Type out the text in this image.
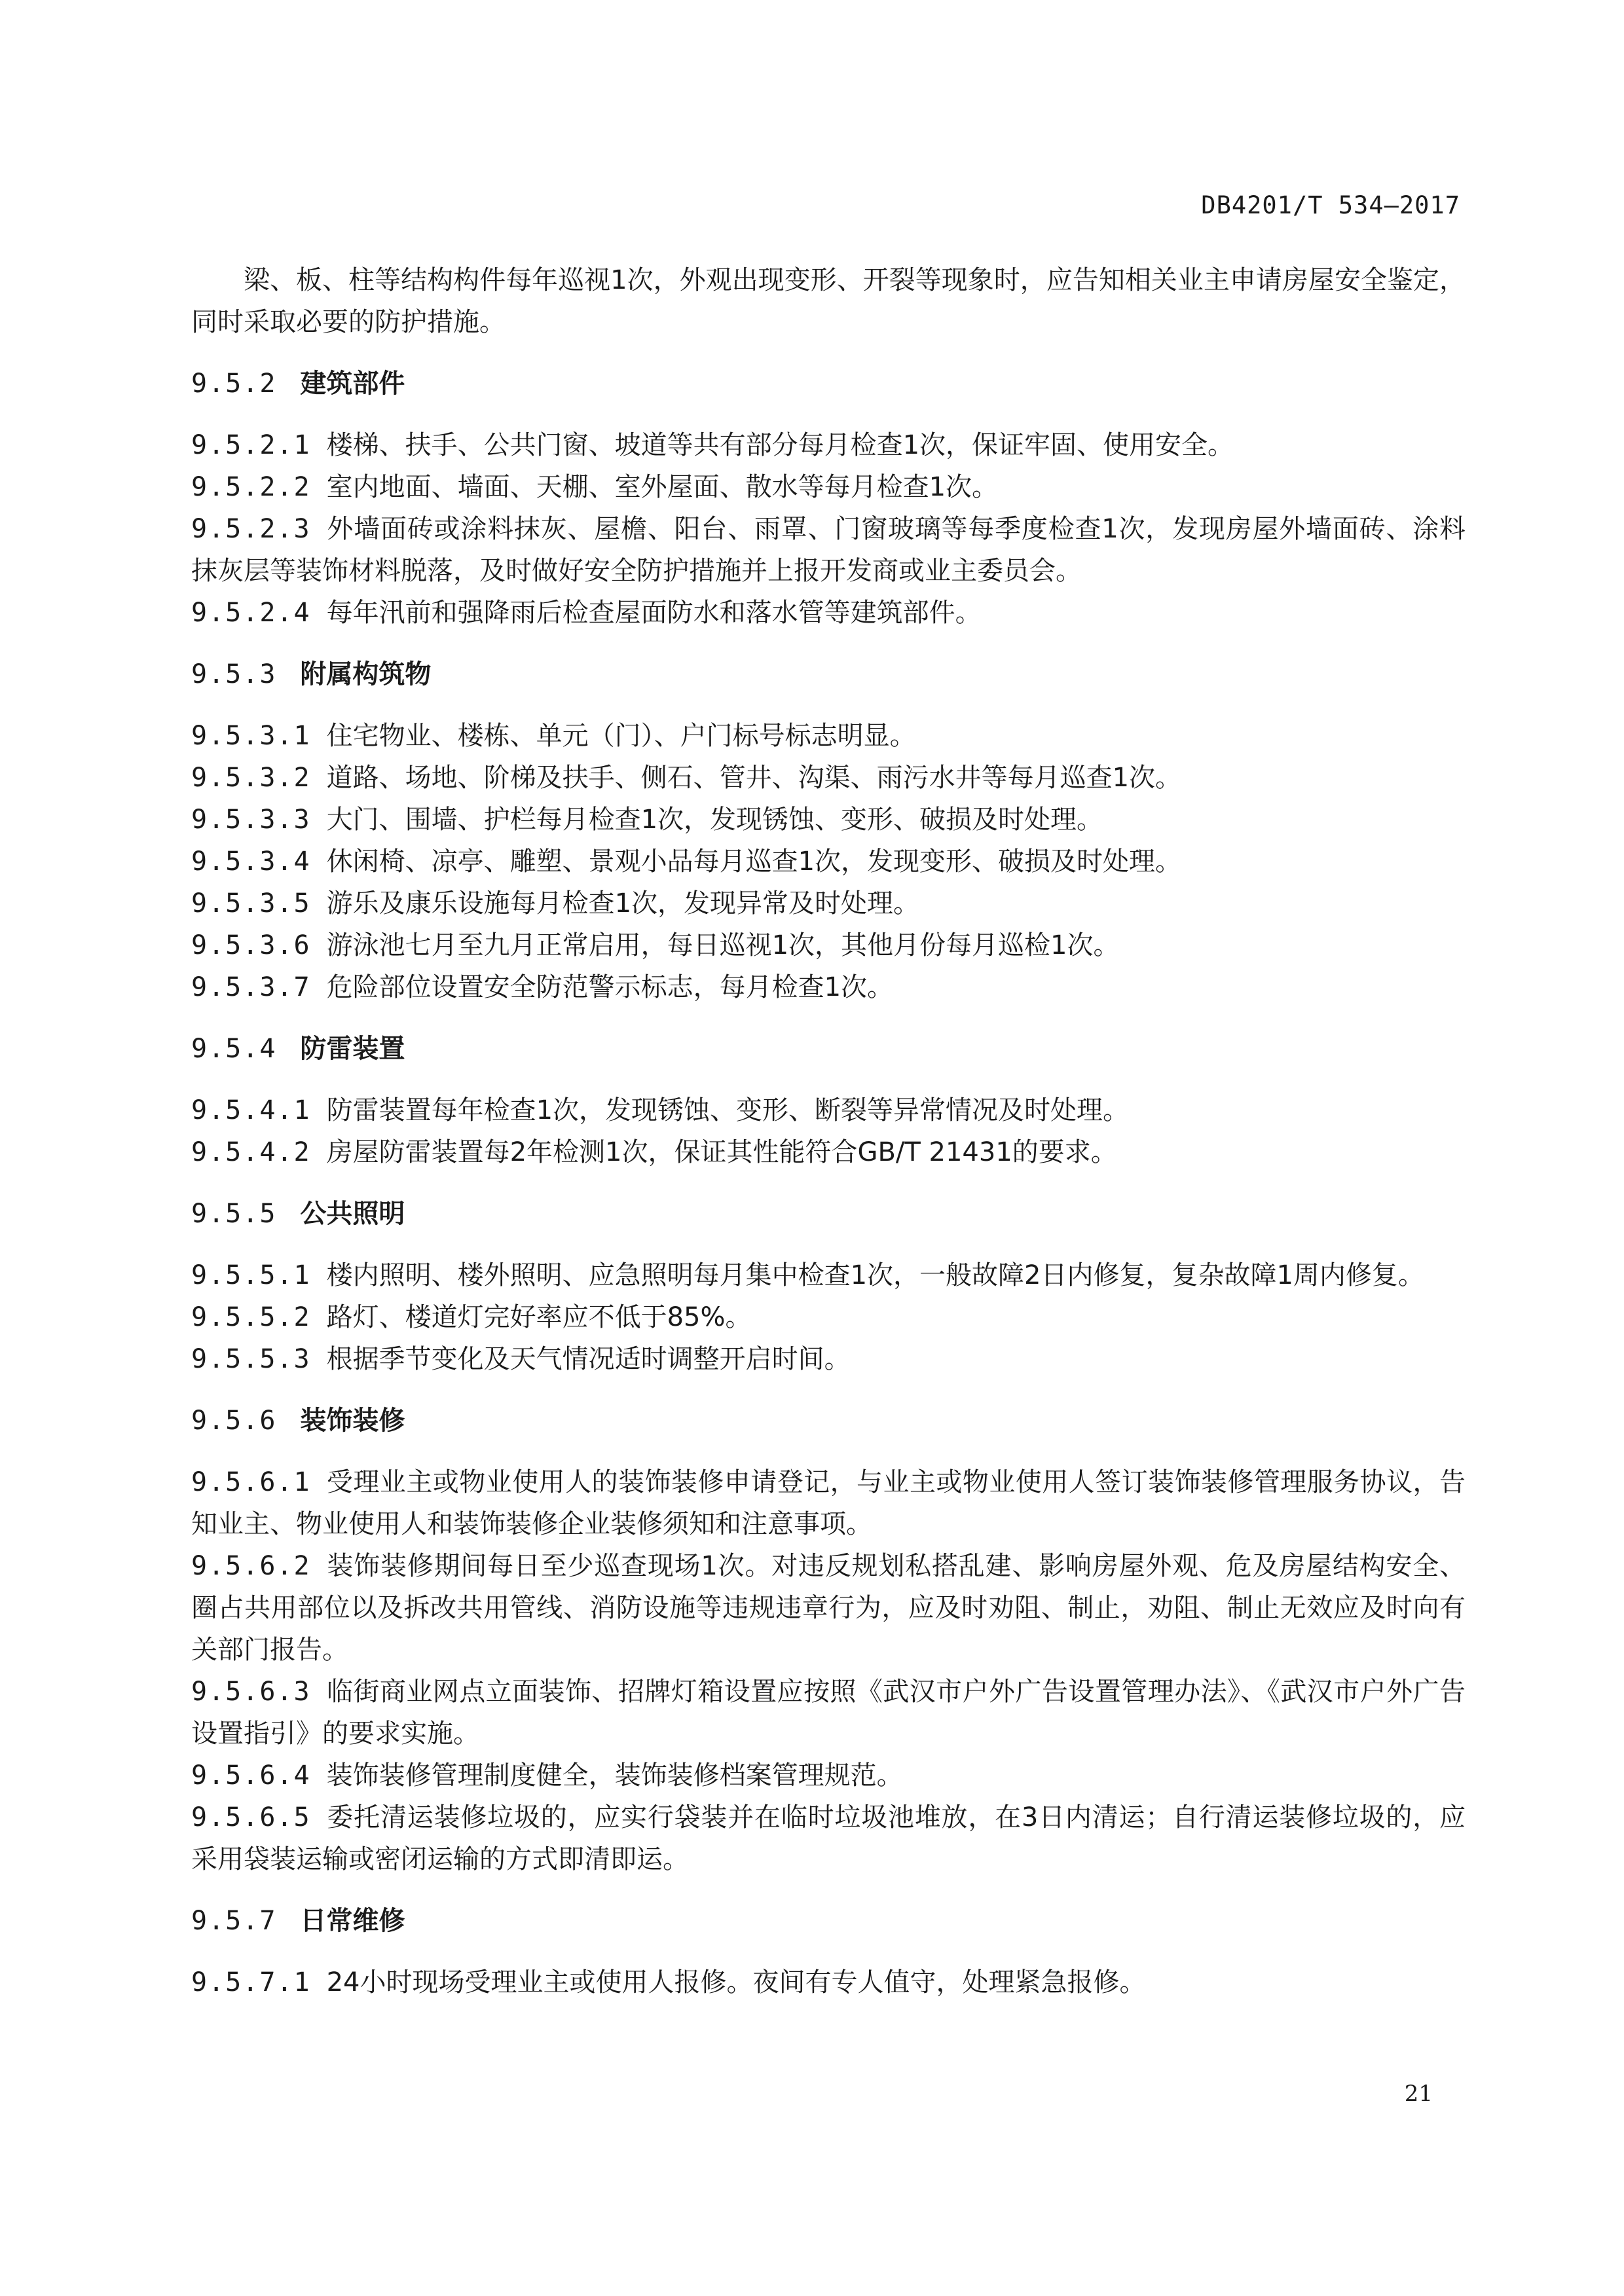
DB4201/T 534—2017

梁、板、柱等结构构件每年巡视1次，外观出现变形、开裂等现象时，应告知相关业主申请房屋安全鉴定，同时采取必要的防护措施。

9.5.2 建筑部件

9.5.2.1 楼梯、扶手、公共门窗、坡道等共有部分每月检查1次，保证牢固、使用安全。

9.5.2.2 室内地面、墙面、天棚、室外屋面、散水等每月检查1次。

9.5.2.3 外墙面砖或涂料抹灰、屋檐、阳台、雨罩、门窗玻璃等每季度检查1次，发现房屋外墙面砖、涂料抹灰层等装饰材料脱落，及时做好安全防护措施并上报开发商或业主委员会。

9.5.2.4 每年汛前和强降雨后检查屋面防水和落水管等建筑部件。

9.5.3 附属构筑物

9.5.3.1 住宅物业、楼栋、单元（门）、户门标号标志明显。

9.5.3.2 道路、场地、阶梯及扶手、侧石、管井、沟渠、雨污水井等每月巡查1次。

9.5.3.3 大门、围墙、护栏每月检查1次，发现锈蚀、变形、破损及时处理。

9.5.3.4 休闲椅、凉亭、雕塑、景观小品每月巡查1次，发现变形、破损及时处理。

9.5.3.5 游乐及康乐设施每月检查1次，发现异常及时处理。

9.5.3.6 游泳池七月至九月正常启用，每日巡视1次，其他月份每月巡检1次。

9.5.3.7 危险部位设置安全防范警示标志，每月检查1次。

9.5.4 防雷装置

9.5.4.1 防雷装置每年检查1次，发现锈蚀、变形、断裂等异常情况及时处理。

9.5.4.2 房屋防雷装置每2年检测1次，保证其性能符合GB/T 21431的要求。

9.5.5 公共照明

9.5.5.1 楼内照明、楼外照明、应急照明每月集中检查1次，一般故障2日内修复，复杂故障1周内修复。

9.5.5.2 路灯、楼道灯完好率应不低于85%。

9.5.5.3 根据季节变化及天气情况适时调整开启时间。

9.5.6 装饰装修

9.5.6.1 受理业主或物业使用人的装饰装修申请登记，与业主或物业使用人签订装饰装修管理服务协议，告知业主、物业使用人和装饰装修企业装修须知和注意事项。

9.5.6.2 装饰装修期间每日至少巡查现场1次。对违反规划私搭乱建、影响房屋外观、危及房屋结构安全、圈占共用部位以及拆改共用管线、消防设施等违规违章行为，应及时劝阻、制止，劝阻、制止无效应及时向有关部门报告。

9.5.6.3 临街商业网点立面装饰、招牌灯箱设置应按照《武汉市户外广告设置管理办法》、《武汉市户外广告设置指引》的要求实施。

9.5.6.4 装饰装修管理制度健全，装饰装修档案管理规范。

9.5.6.5 委托清运装修垃圾的，应实行袋装并在临时垃圾池堆放，在3日内清运；自行清运装修垃圾的，应采用袋装运输或密闭运输的方式即清即运。

9.5.7 日常维修

9.5.7.1 24小时现场受理业主或使用人报修。夜间有专人值守，处理紧急报修。

21
